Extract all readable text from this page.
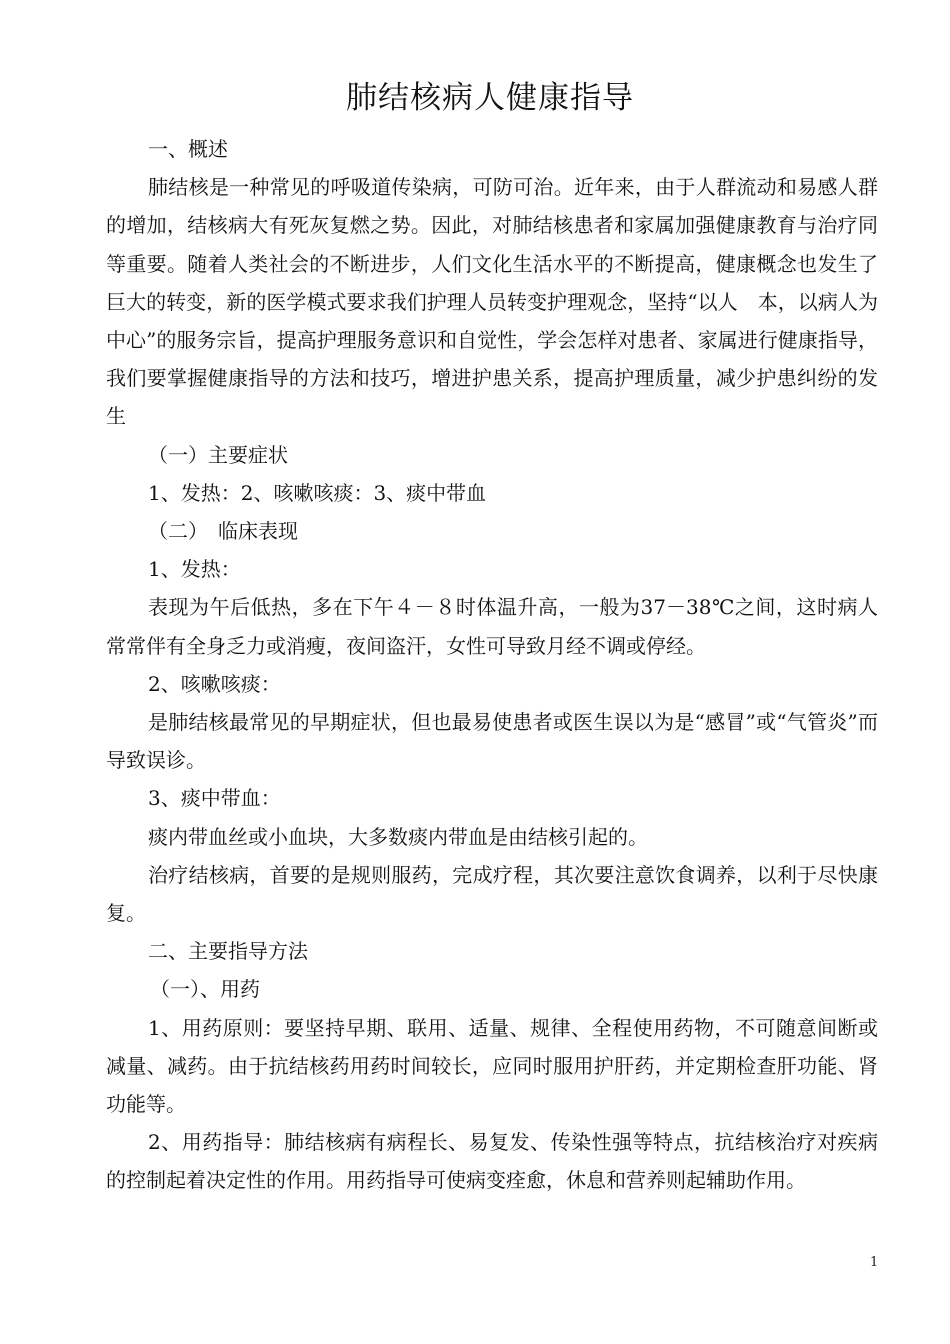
肺结核病人健康指导

一、概述

肺结核是一种常见的呼吸道传染病，可防可治。近年来，由于人群流动和易感人群的增加，结核病大有死灰复燃之势。因此，对肺结核患者和家属加强健康教育与治疗同等重要。随着人类社会的不断进步，人们文化生活水平的不断提高，健康概念也发生了巨大的转变，新的医学模式要求我们护理人员转变护理观念，坚持“以人　本，以病人为中心”的服务宗旨，提高护理服务意识和自觉性，学会怎样对患者、家属进行健康指导，我们要掌握健康指导的方法和技巧，增进护患关系，提高护理质量，减少护患纠纷的发生

（一）主要症状

1、发热：2、咳嗽咳痰：3、痰中带血

（二）　临床表现

1、发热：

表现为午后低热，多在下午４－８时体温升高，一般为37－38℃之间，这时病人常常伴有全身乏力或消瘦，夜间盗汗，女性可导致月经不调或停经。

2、咳嗽咳痰：

是肺结核最常见的早期症状，但也最易使患者或医生误以为是“感冒”或“气管炎”而导致误诊。

3、痰中带血：

痰内带血丝或小血块，大多数痰内带血是由结核引起的。

治疗结核病，首要的是规则服药，完成疗程，其次要注意饮食调养，以利于尽快康复。

二、主要指导方法

（一）、用药

1、用药原则：要坚持早期、联用、适量、规律、全程使用药物，不可随意间断或减量、减药。由于抗结核药用药时间较长，应同时服用护肝药，并定期检查肝功能、肾功能等。

2、用药指导：肺结核病有病程长、易复发、传染性强等特点，抗结核治疗对疾病的控制起着决定性的作用。用药指导可使病变痊愈，休息和营养则起辅助作用。

1
